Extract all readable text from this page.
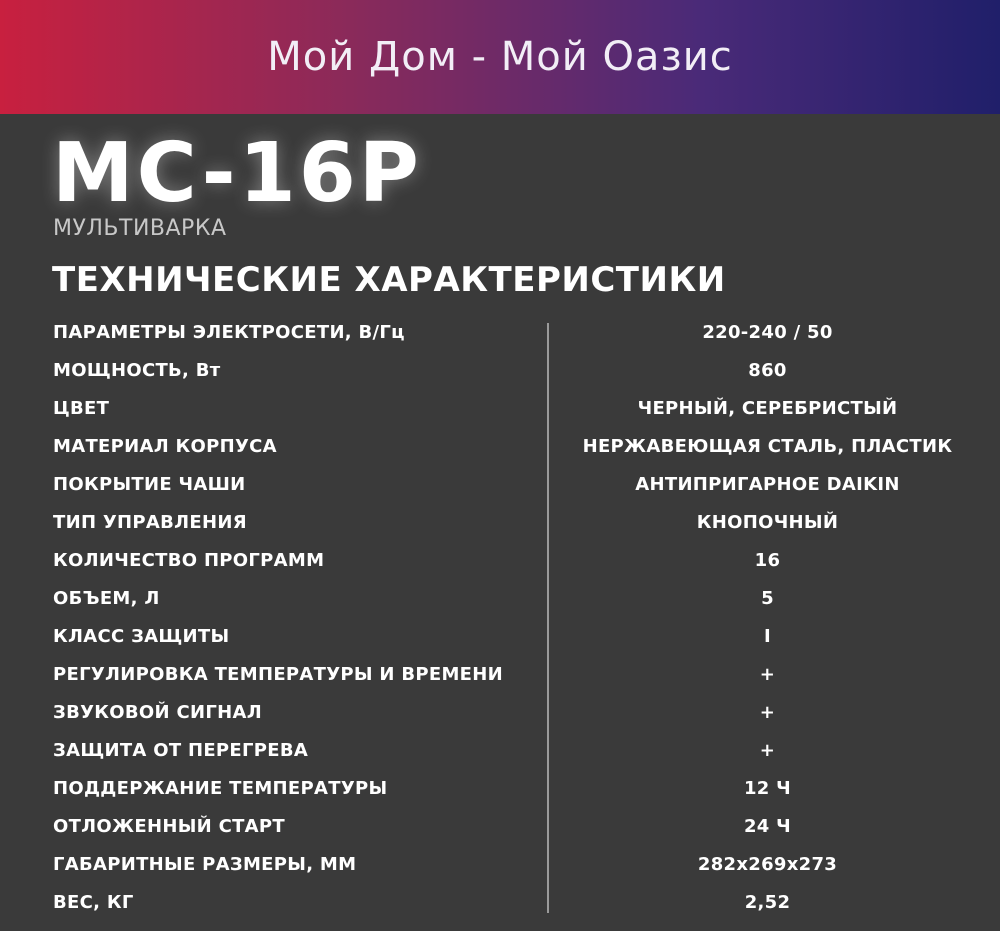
Мой Дом - Мой Оазис
MC-16P
МУЛЬТИВАРКА
ТЕХНИЧЕСКИЕ ХАРАКТЕРИСТИКИ
ПАРАМЕТРЫ ЭЛЕКТРОСЕТИ, В/Гц	220-240 / 50
МОЩНОСТЬ, Вт	860
ЦВЕТ	ЧЕРНЫЙ, СЕРЕБРИСТЫЙ
МАТЕРИАЛ КОРПУСА	НЕРЖАВЕЮЩАЯ СТАЛЬ, ПЛАСТИК
ПОКРЫТИЕ ЧАШИ	АНТИПРИГАРНОЕ DAIKIN
ТИП УПРАВЛЕНИЯ	КНОПОЧНЫЙ
КОЛИЧЕСТВО ПРОГРАММ	16
ОБЪЕМ, Л	5
КЛАСС ЗАЩИТЫ	I
РЕГУЛИРОВКА ТЕМПЕРАТУРЫ И ВРЕМЕНИ	+
ЗВУКОВОЙ СИГНАЛ	+
ЗАЩИТА ОТ ПЕРЕГРЕВА	+
ПОДДЕРЖАНИЕ ТЕМПЕРАТУРЫ	12 Ч
ОТЛОЖЕННЫЙ СТАРТ	24 Ч
ГАБАРИТНЫЕ РАЗМЕРЫ, ММ	282x269x273
ВЕС, КГ	2,52
